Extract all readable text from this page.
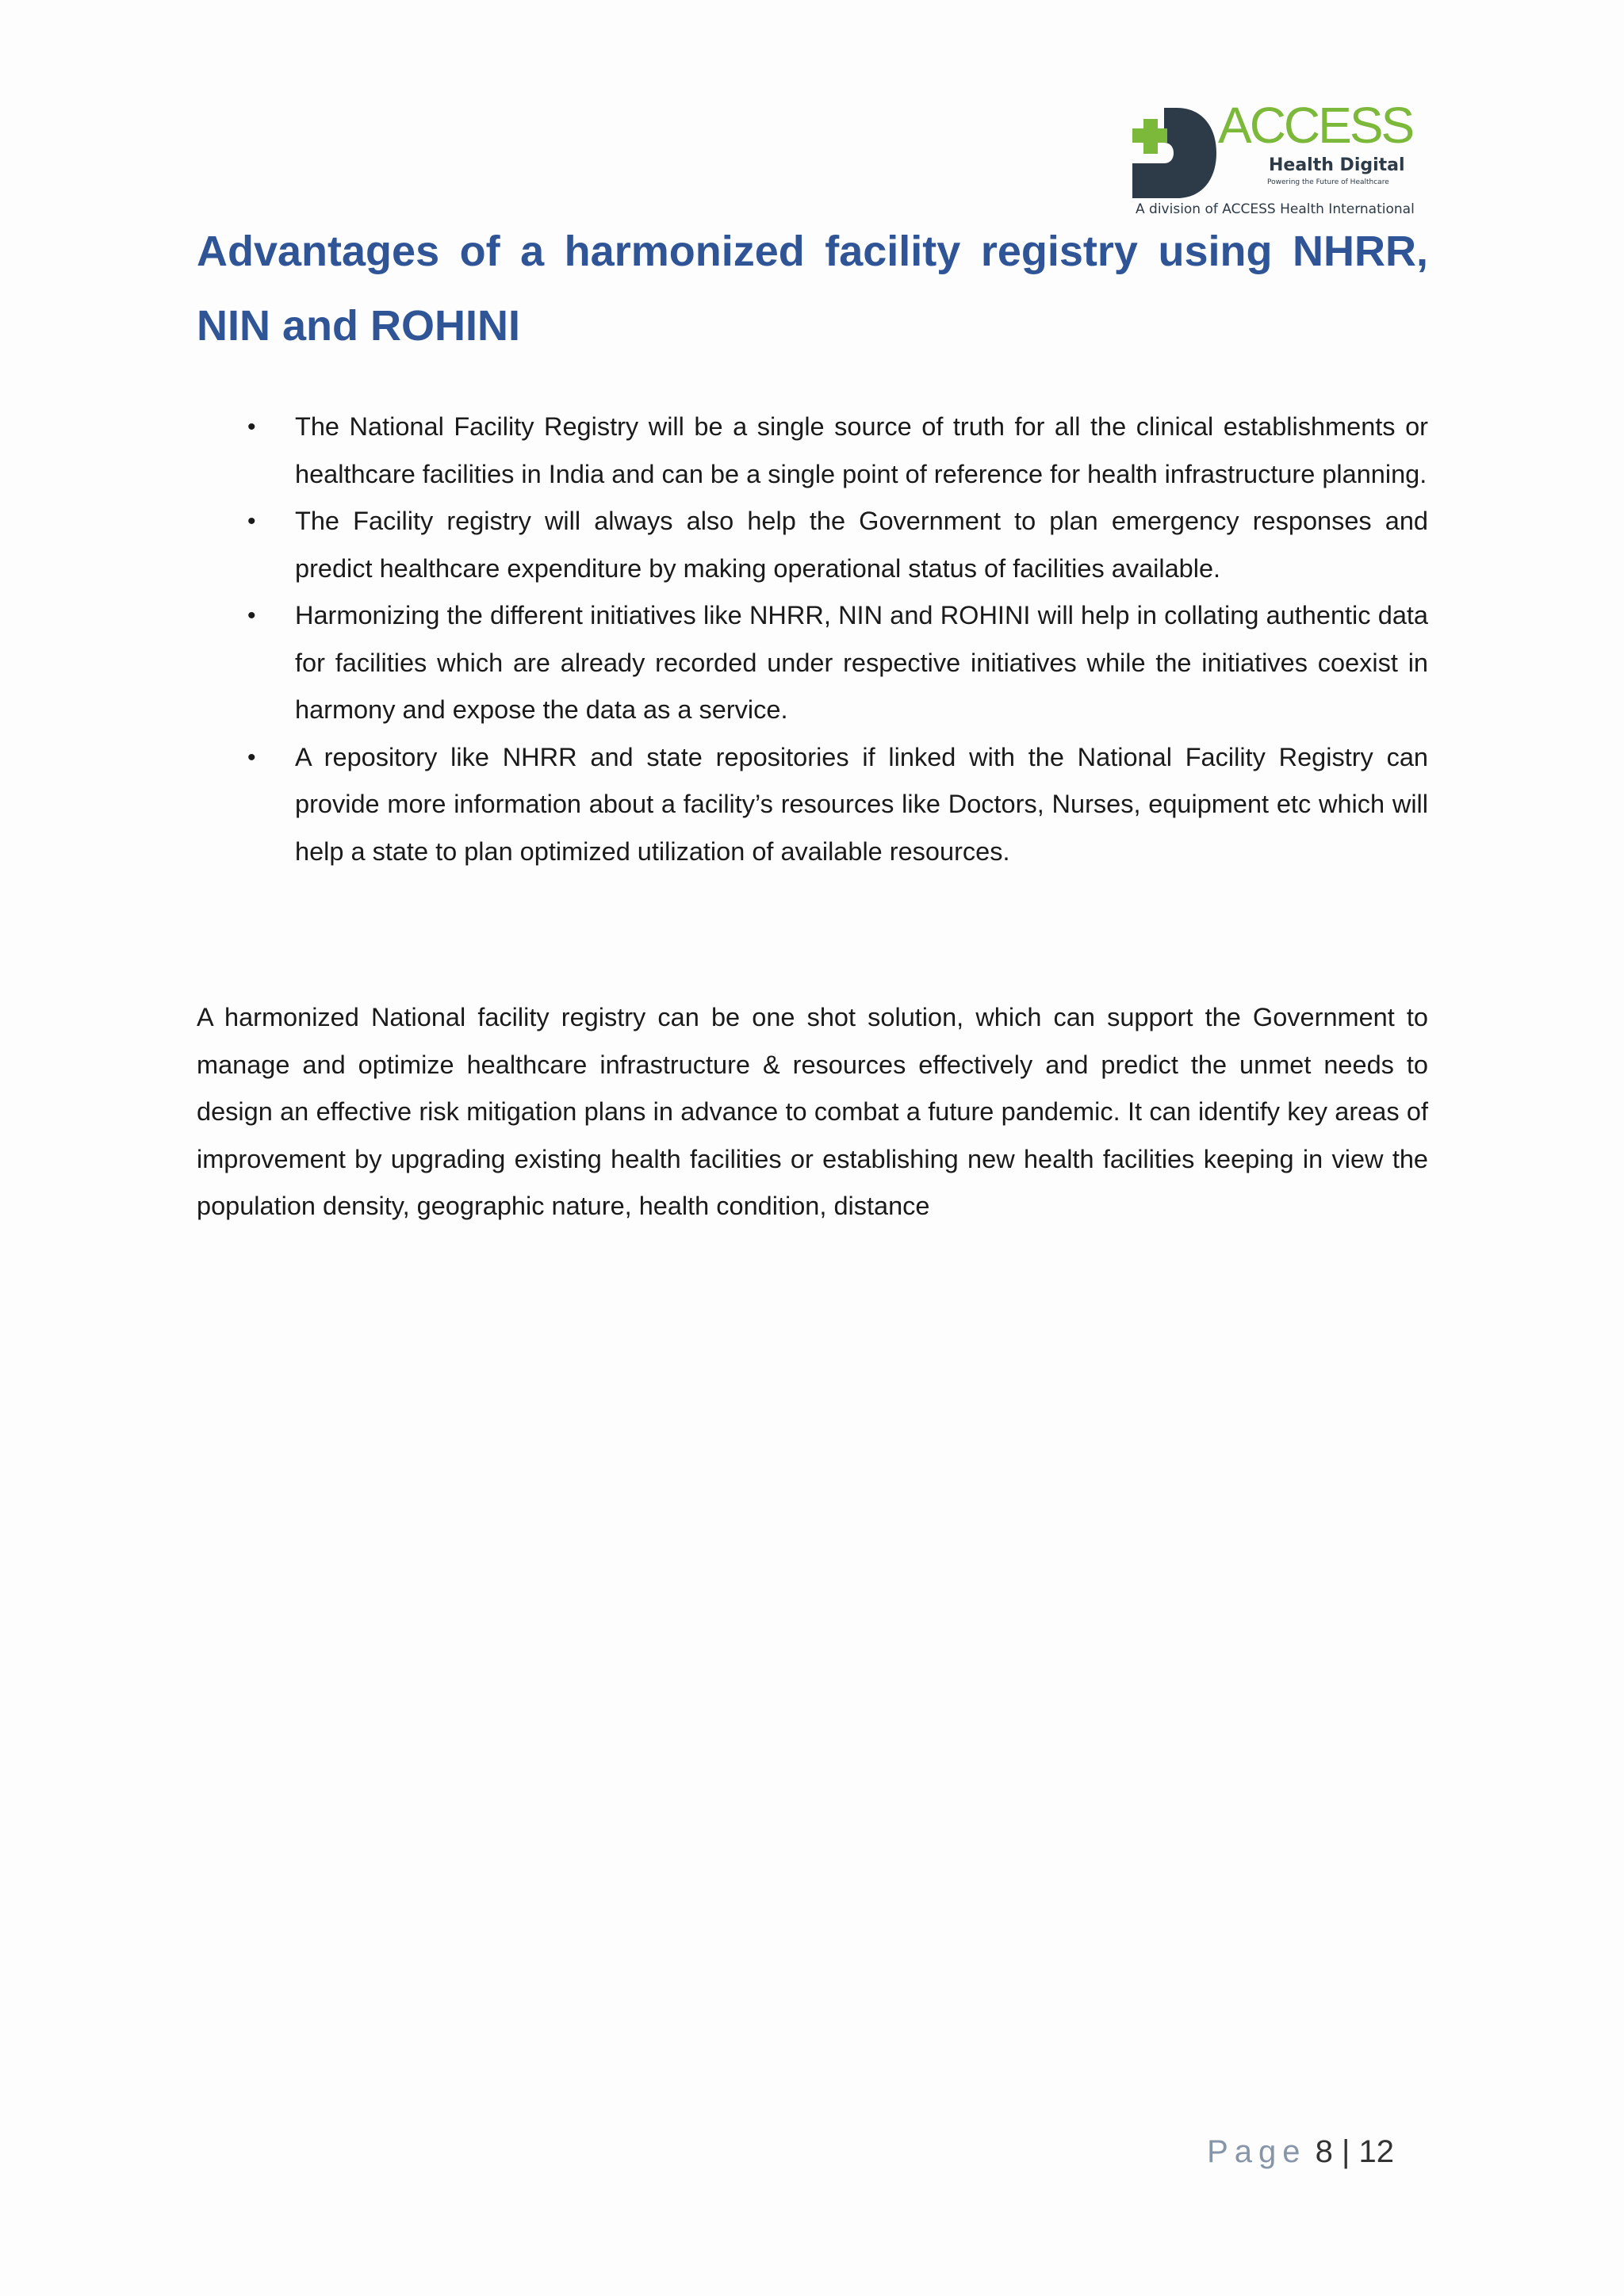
ACCESS
Health Digital
Powering the Future of Healthcare
A division of ACCESS Health International
Advantages of a harmonized facility registry using NHRR, NIN and ROHINI
• The National Facility Registry will be a single source of truth for all the clinical establishments or healthcare facilities in India and can be a single point of reference for health infrastructure planning.
• The Facility registry will always also help the Government to plan emergency responses and predict healthcare expenditure by making operational status of facilities available.
• Harmonizing the different initiatives like NHRR, NIN and ROHINI will help in collating authentic data for facilities which are already recorded under respective initiatives while the initiatives coexist in harmony and expose the data as a service.
• A repository like NHRR and state repositories if linked with the National Facility Registry can provide more information about a facility’s resources like Doctors, Nurses, equipment etc which will help a state to plan optimized utilization of available resources.

A harmonized National facility registry can be one shot solution, which can support the Government to manage and optimize healthcare infrastructure & resources effectively and predict the unmet needs to design an effective risk mitigation plans in advance to combat a future pandemic. It can identify key areas of improvement by upgrading existing health facilities or establishing new health facilities keeping in view the population density, geographic nature, health condition, distance

Page 8 | 12
